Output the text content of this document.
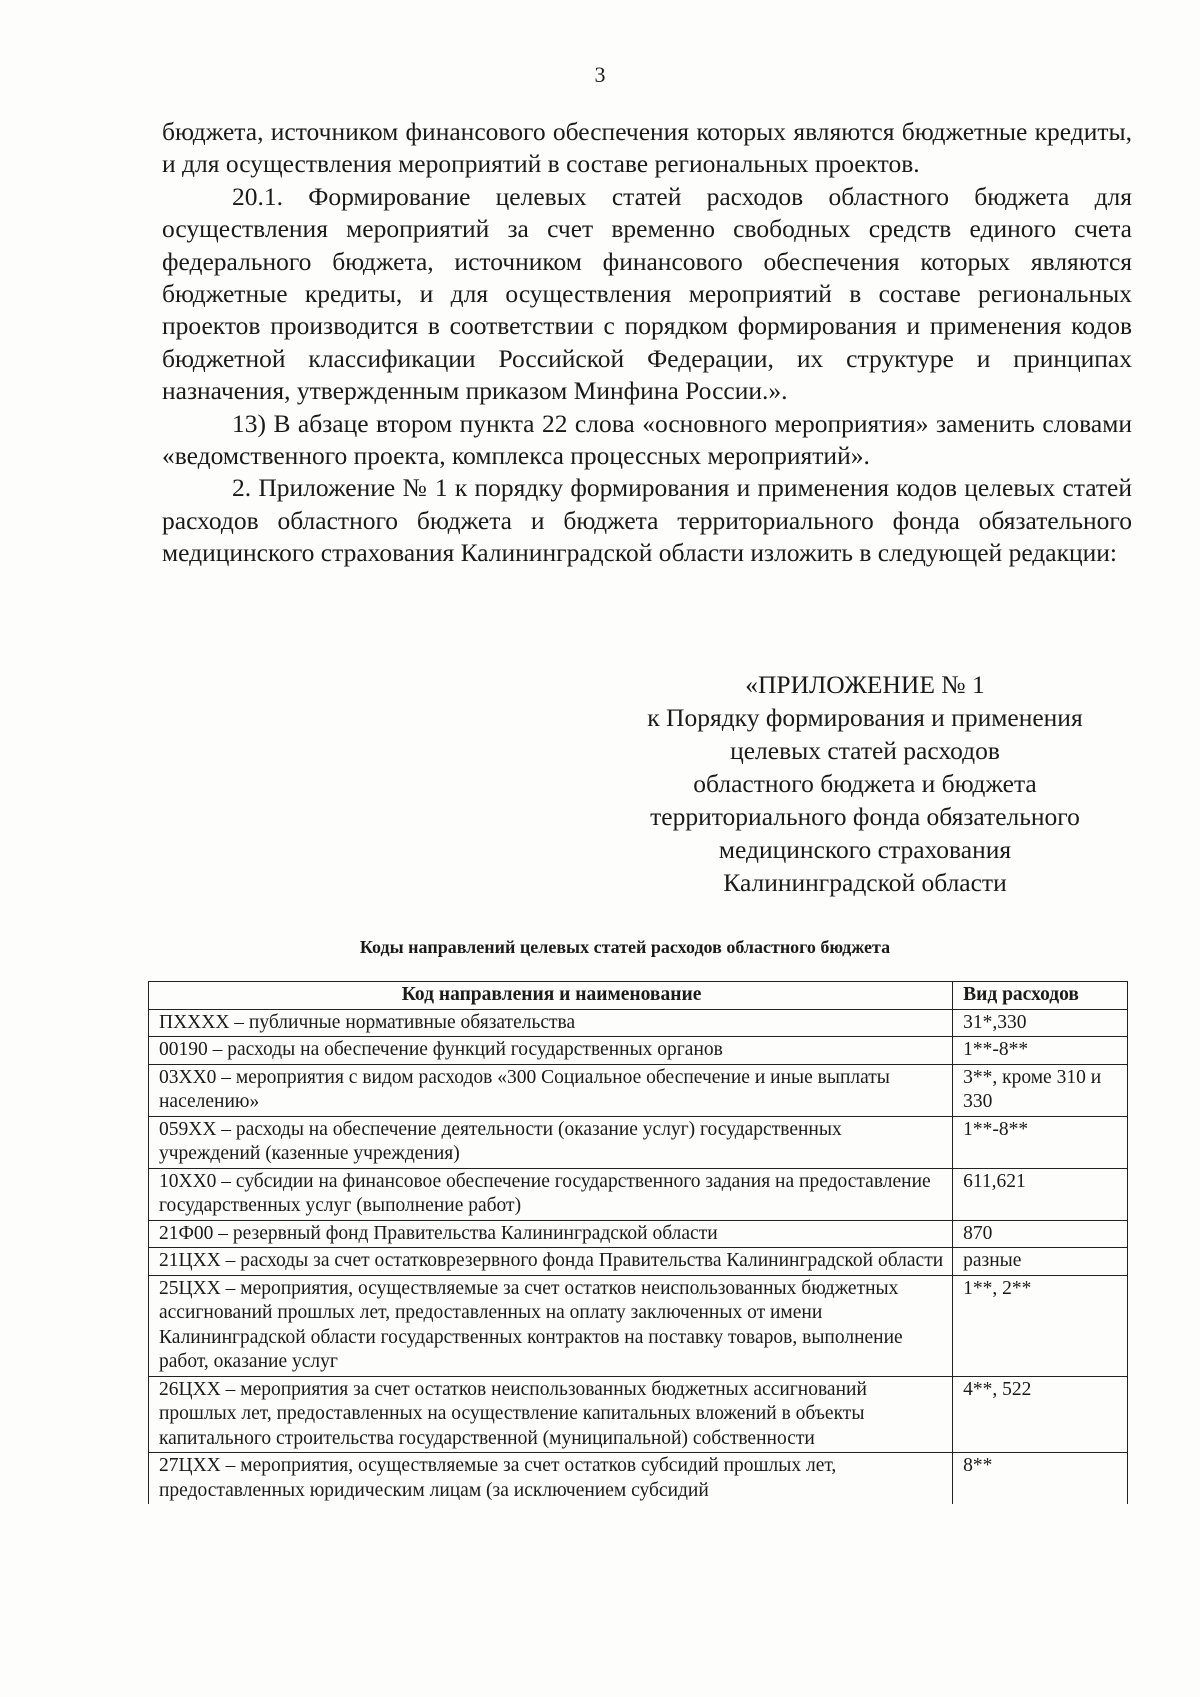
3

бюджета, источником финансового обеспечения которых являются бюджетные кредиты, и для осуществления мероприятий в составе региональных проектов.

20.1. Формирование целевых статей расходов областного бюджета для осуществления мероприятий за счет временно свободных средств единого счета федерального бюджета, источником финансового обеспечения которых являются бюджетные кредиты, и для осуществления мероприятий в составе региональных проектов производится в соответствии с порядком формирования и применения кодов бюджетной классификации Российской Федерации, их структуре и принципах назначения, утвержденным приказом Минфина России.».

13) В абзаце втором пункта 22 слова «основного мероприятия» заменить словами «ведомственного проекта, комплекса процессных мероприятий».

2. Приложение № 1 к порядку формирования и применения кодов целевых статей расходов областного бюджета и бюджета территориального фонда обязательного медицинского страхования Калининградской области изложить в следующей редакции:

«ПРИЛОЖЕНИЕ № 1
к Порядку формирования и применения
целевых статей расходов
областного бюджета и бюджета
территориального фонда обязательного
медицинского страхования
Калининградской области
Коды направлений целевых статей расходов областного бюджета
Код направления и наименование	Вид расходов
ПХХХХ – публичные нормативные обязательства	31*,330
00190 – расходы на обеспечение функций государственных органов	1**-8**
03ХХ0 – мероприятия с видом расходов «300 Социальное обеспечение и иные выплаты населению»	3**, кроме 310 и 330
059ХХ – расходы на обеспечение деятельности (оказание услуг) государственных учреждений (казенные учреждения)	1**-8**
10ХХ0 – субсидии на финансовое обеспечение государственного задания на предоставление государственных услуг (выполнение работ)	611,621
21Ф00 – резервный фонд Правительства Калининградской области	870
21ЦХХ – расходы за счет остатковрезервного фонда Правительства Калининградской области	разные
25ЦХХ – мероприятия, осуществляемые за счет остатков неиспользованных бюджетных ассигнований прошлых лет, предоставленных на оплату заключенных от имени Калининградской области государственных контрактов на поставку товаров, выполнение работ, оказание услуг	1**, 2**
26ЦХХ – мероприятия за счет остатков неиспользованных бюджетных ассигнований прошлых лет, предоставленных на осуществление капитальных вложений в объекты капитального строительства государственной (муниципальной) собственности	4**, 522
27ЦХХ – мероприятия, осуществляемые за счет остатков субсидий прошлых лет, предоставленных юридическим лицам (за исключением субсидий	8**
